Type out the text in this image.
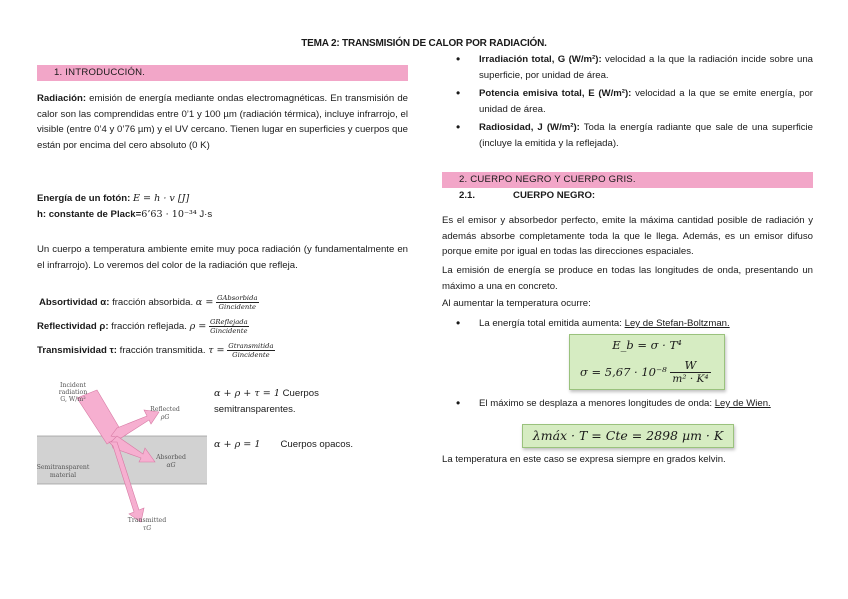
TEMA 2: TRANSMISIÓN DE CALOR POR RADIACIÓN.
1. INTRODUCCIÓN.
Radiación: emisión de energía mediante ondas electromagnéticas. En transmisión de calor son las comprendidas entre 0’1 y 100 µm (radiación térmica), incluye infrarrojo, el visible (entre 0’4 y 0’76 µm) y el UV cercano. Tienen lugar en superficies y cuerpos que están por encima del cero absoluto (0 K)
Energía de un fotón: E = h · v [J]
h: constante de Plack=6’63 · 10⁻³⁴ J·s
Un cuerpo a temperatura ambiente emite muy poca radiación (y fundamentalmente en el infrarrojo). Lo veremos del color de la radiación que refleja.
Absortividad α: fracción absorbida. $\alpha = \frac{\text{GAbsorbida}}{\text{Gincidente}}$
Reflectividad ρ: fracción reflejada. $\rho = \frac{\text{GReflejada}}{\text{Gincidente}}$
Transmisividad τ: fracción transmitida. $\tau = \frac{\text{Gtransmitida}}{\text{Gincidente}}$
Incident
radiation
G, W/m²
Reflected
ρG
Absorbed
αG
Semitransparent
material
Transmitted
τG
α + ρ + τ = 1 Cuerpos semitransparentes.
α + ρ = 1 Cuerpos opacos.
• Irradiación total, G (W/m²): velocidad a la que la radiación incide sobre una superficie, por unidad de área.
• Potencia emisiva total, E (W/m²): velocidad a la que se emite energía, por unidad de área.
• Radiosidad, J (W/m²): Toda la energía radiante que sale de una superficie (incluye la emitida y la reflejada).
2. CUERPO NEGRO Y CUERPO GRIS.
2.1.	CUERPO NEGRO:
Es el emisor y absorbedor perfecto, emite la máxima cantidad posible de radiación y además absorbe completamente toda la que le llega. Además, es un emisor difuso porque emite por igual en todas las direcciones espaciales.
La emisión de energía se produce en todas las longitudes de onda, presentando un máximo a una en concreto.
Al aumentar la temperatura ocurre:
• La energía total emitida aumenta: Ley de Stefan-Boltzman.
E_b = σ · T⁴
$\sigma = 5,67 \cdot 10^{-8} \frac{W}{\text{m² · K⁴}}$
• El máximo se desplaza a menores longitudes de onda: Ley de Wien.
λmáx · T = Cte = 2898 µm · K
La temperatura en este caso se expresa siempre en grados kelvin.
